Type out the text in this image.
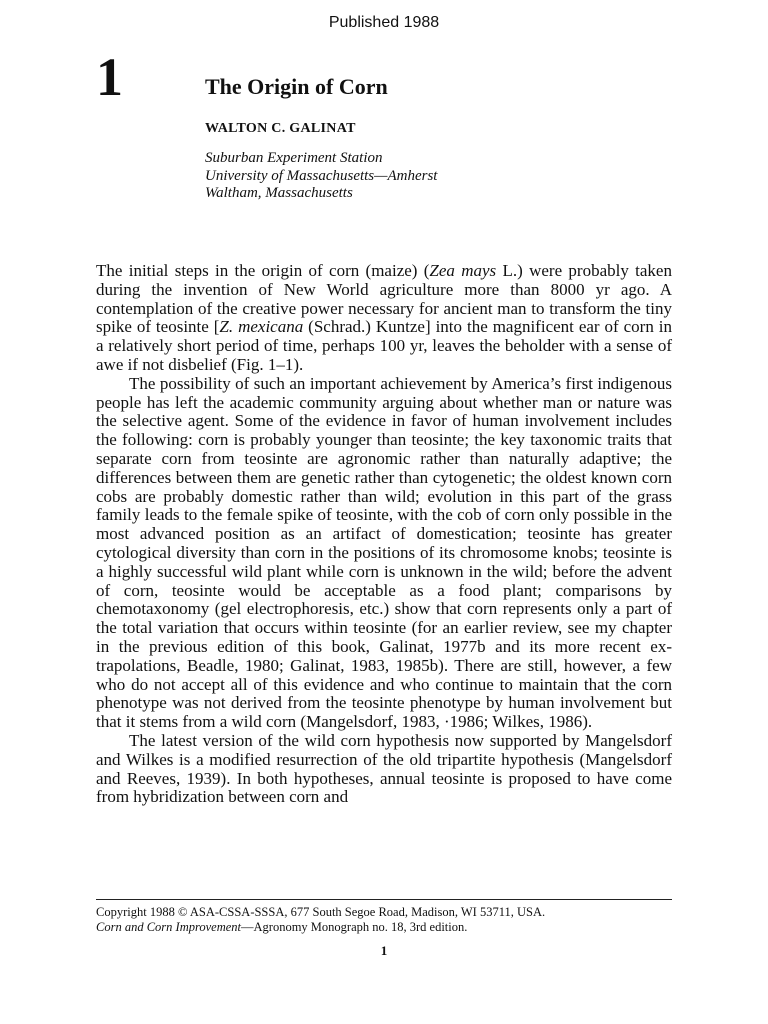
Published 1988
1	The Origin of Corn
WALTON C. GALINAT
Suburban Experiment Station
University of Massachusetts—Amherst
Waltham, Massachusetts

The initial steps in the origin of corn (maize) (Zea mays L.) were probably taken during the invention of New World agriculture more than 8000 yr ago. A contemplation of the creative power necessary for ancient man to transform the tiny spike of teosinte [Z. mexicana (Schrad.) Kuntze] into the magnificent ear of corn in a relatively short period of time, perhaps 100 yr, leaves the beholder with a sense of awe if not disbelief (Fig. 1–1).

The possibility of such an important achievement by America’s first indigenous people has left the academic community arguing about whether man or nature was the selective agent. Some of the evidence in favor of human involvement includes the following: corn is probably younger than teosinte; the key taxonomic traits that separate corn from teosinte are agronomic rather than naturally adaptive; the differences between them are genetic rather than cytogenetic; the oldest known corn cobs are probably domestic rather than wild; evolution in this part of the grass family leads to the female spike of teosinte, with the cob of corn only possible in the most advanced position as an artifact of domestication; teosinte has greater cytological diversity than corn in the positions of its chromosome knobs; teosinte is a highly successful wild plant while corn is unknown in the wild; before the advent of corn, teosinte would be acceptable as a food plant; comparisons by chemotaxonomy (gel electrophoresis, etc.) show that corn represents only a part of the total variation that occurs within teosinte (for an earlier review, see my chapter in the previous edition of this book, Galinat, 1977b and its more recent extrapolations, Beadle, 1980; Galinat, 1983, 1985b). There are still, however, a few who do not accept all of this evidence and who continue to maintain that the corn phenotype was not derived from the teosinte phenotype by human involvement but that it stems from a wild corn (Mangelsdorf, 1983, ·1986; Wilkes, 1986).

The latest version of the wild corn hypothesis now supported by Mangelsdorf and Wilkes is a modified resurrection of the old tripartite hypothesis (Mangelsdorf and Reeves, 1939). In both hypotheses, annual teosinte is proposed to have come from hybridization between corn and

Copyright 1988 © ASA-CSSA-SSSA, 677 South Segoe Road, Madison, WI 53711, USA.
Corn and Corn Improvement—Agronomy Monograph no. 18, 3rd edition.
1
